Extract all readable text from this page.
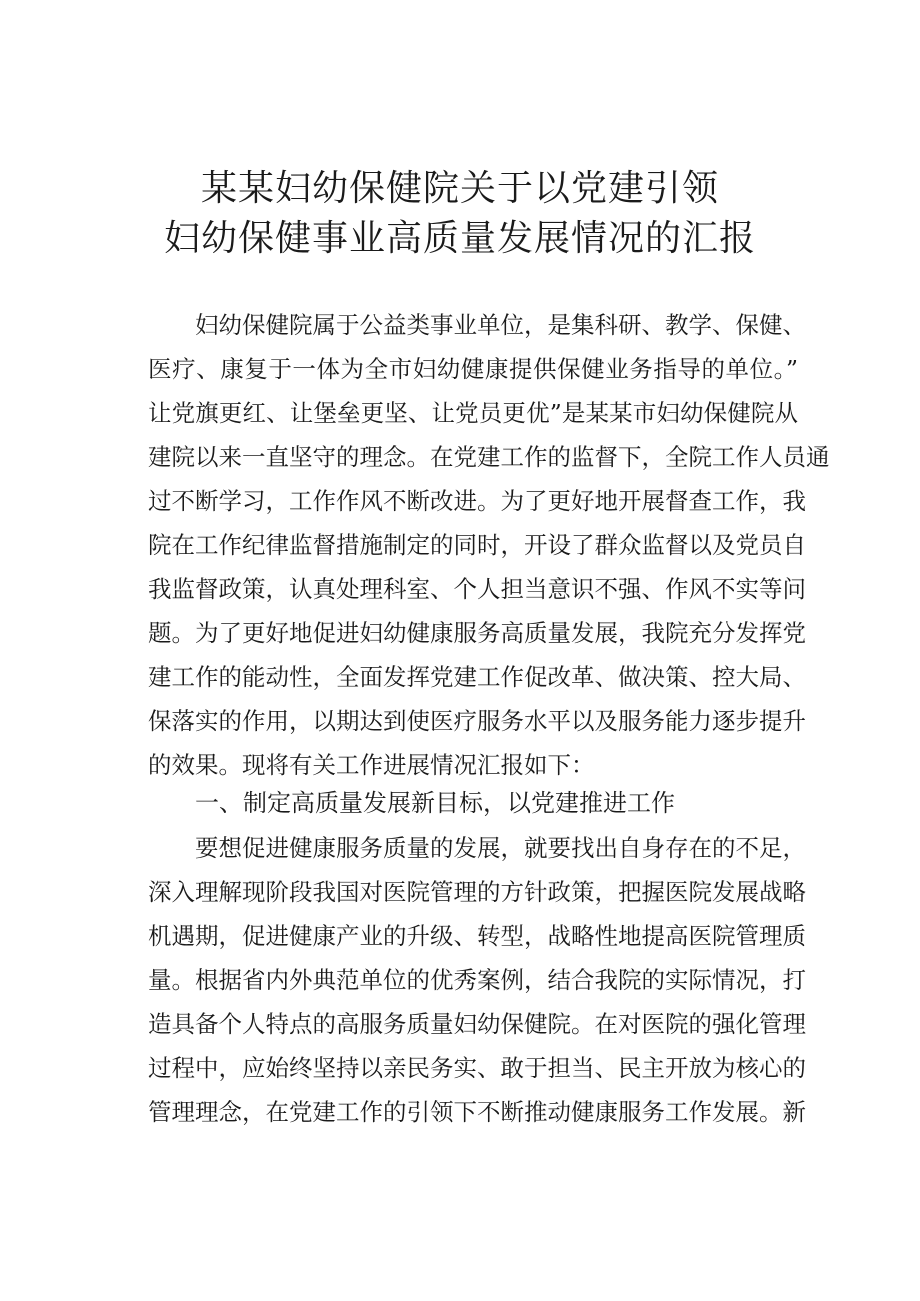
某某妇幼保健院关于以党建引领
妇幼保健事业高质量发展情况的汇报

妇幼保健院属于公益类事业单位，是集科研、教学、保健、

医疗、康复于一体为全市妇幼健康提供保健业务指导的单位。”

让党旗更红、让堡垒更坚、让党员更优”是某某市妇幼保健院从

建院以来一直坚守的理念。在党建工作的监督下，全院工作人员通

过不断学习，工作作风不断改进。为了更好地开展督查工作，我

院在工作纪律监督措施制定的同时，开设了群众监督以及党员自

我监督政策，认真处理科室、个人担当意识不强、作风不实等问

题。为了更好地促进妇幼健康服务高质量发展，我院充分发挥党

建工作的能动性，全面发挥党建工作促改革、做决策、控大局、

保落实的作用，以期达到使医疗服务水平以及服务能力逐步提升

的效果。现将有关工作进展情况汇报如下：

一、制定高质量发展新目标，以党建推进工作

要想促进健康服务质量的发展，就要找出自身存在的不足，

深入理解现阶段我国对医院管理的方针政策，把握医院发展战略

机遇期，促进健康产业的升级、转型，战略性地提高医院管理质

量。根据省内外典范单位的优秀案例，结合我院的实际情况，打

造具备个人特点的高服务质量妇幼保健院。在对医院的强化管理

过程中，应始终坚持以亲民务实、敢于担当、民主开放为核心的

管理理念，在党建工作的引领下不断推动健康服务工作发展。新
